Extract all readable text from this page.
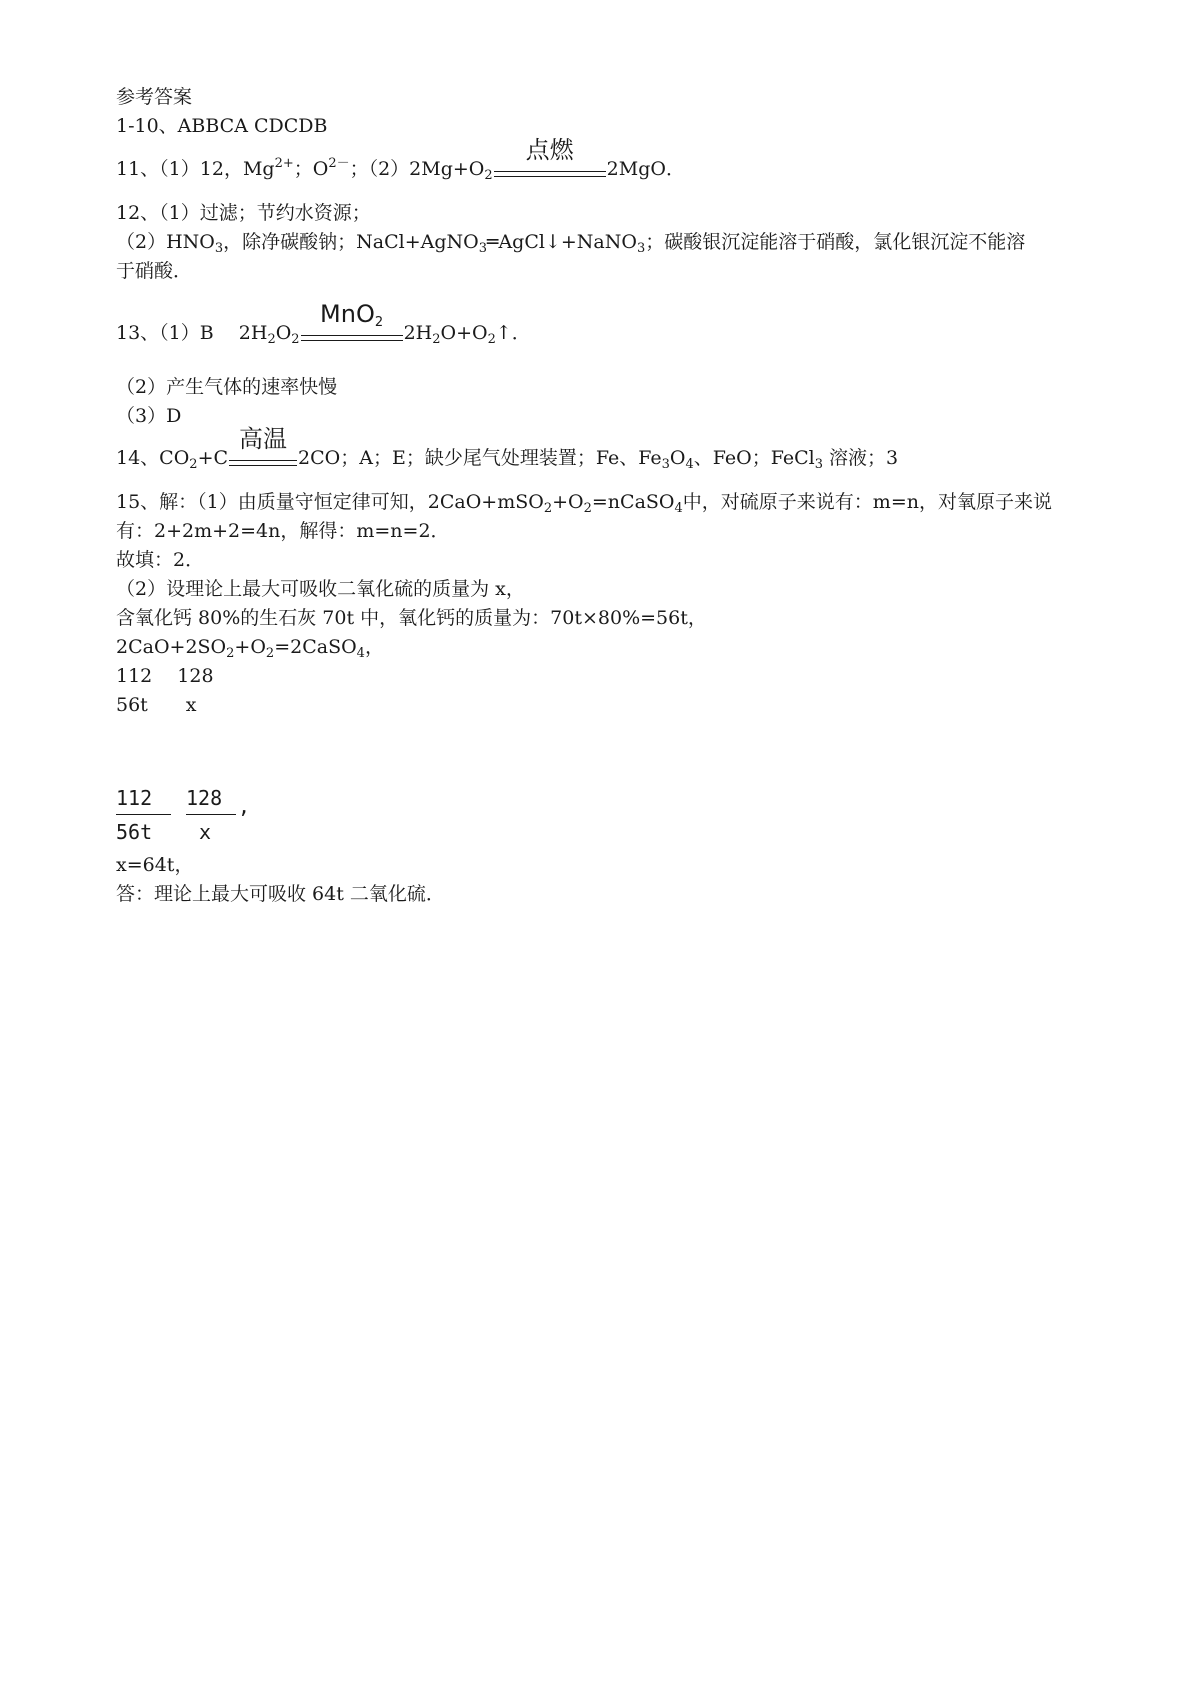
参考答案
1-10、ABBCA CDCDB
11、（1）12，$Mg^{2+}$；$O^{2-}$；$(2)2Mg+O_2$
点燃
2MgO．
12、（1）过滤；节约水资源；
$(2)HNO_3$，除净碳酸钠；NaCl+AgNO$_3$═AgCl↓+NaNO$_3$；碳酸银沉淀能溶于硝酸，氯化银沉淀不能溶
于硝酸．
13、（1）B　 $2H_2O_2$
MnO$_2$	$2H_2O+O_2↑$．
（2）产生气体的速率快慢
（3）D
14、$CO_2+C$
高温
2CO；A；E；缺少尾气处理装置；Fe、$Fe_3O_4$、FeO；FeCl$_3$ 溶液；3
15、解：（1）由质量守恒定律可知，$2CaO+mSO_2+O_2=nCaSO_4$中，对硫原子来说有：m=n，对氧原子来说
有：2+2m+2=4n，解得：m=n=2．
故填：2．
（2）设理论上最大可吸收二氧化硫的质量为 x，
含氧化钙 80%的生石灰 70t 中，氧化钙的质量为：70t×80%=56t，
$2CaO+2SO_2+O_2=2CaSO_4$，
112　 128
56t　　x
112
56t
128
x
,
x=64t，
答：理论上最大可吸收 64t 二氧化硫．
